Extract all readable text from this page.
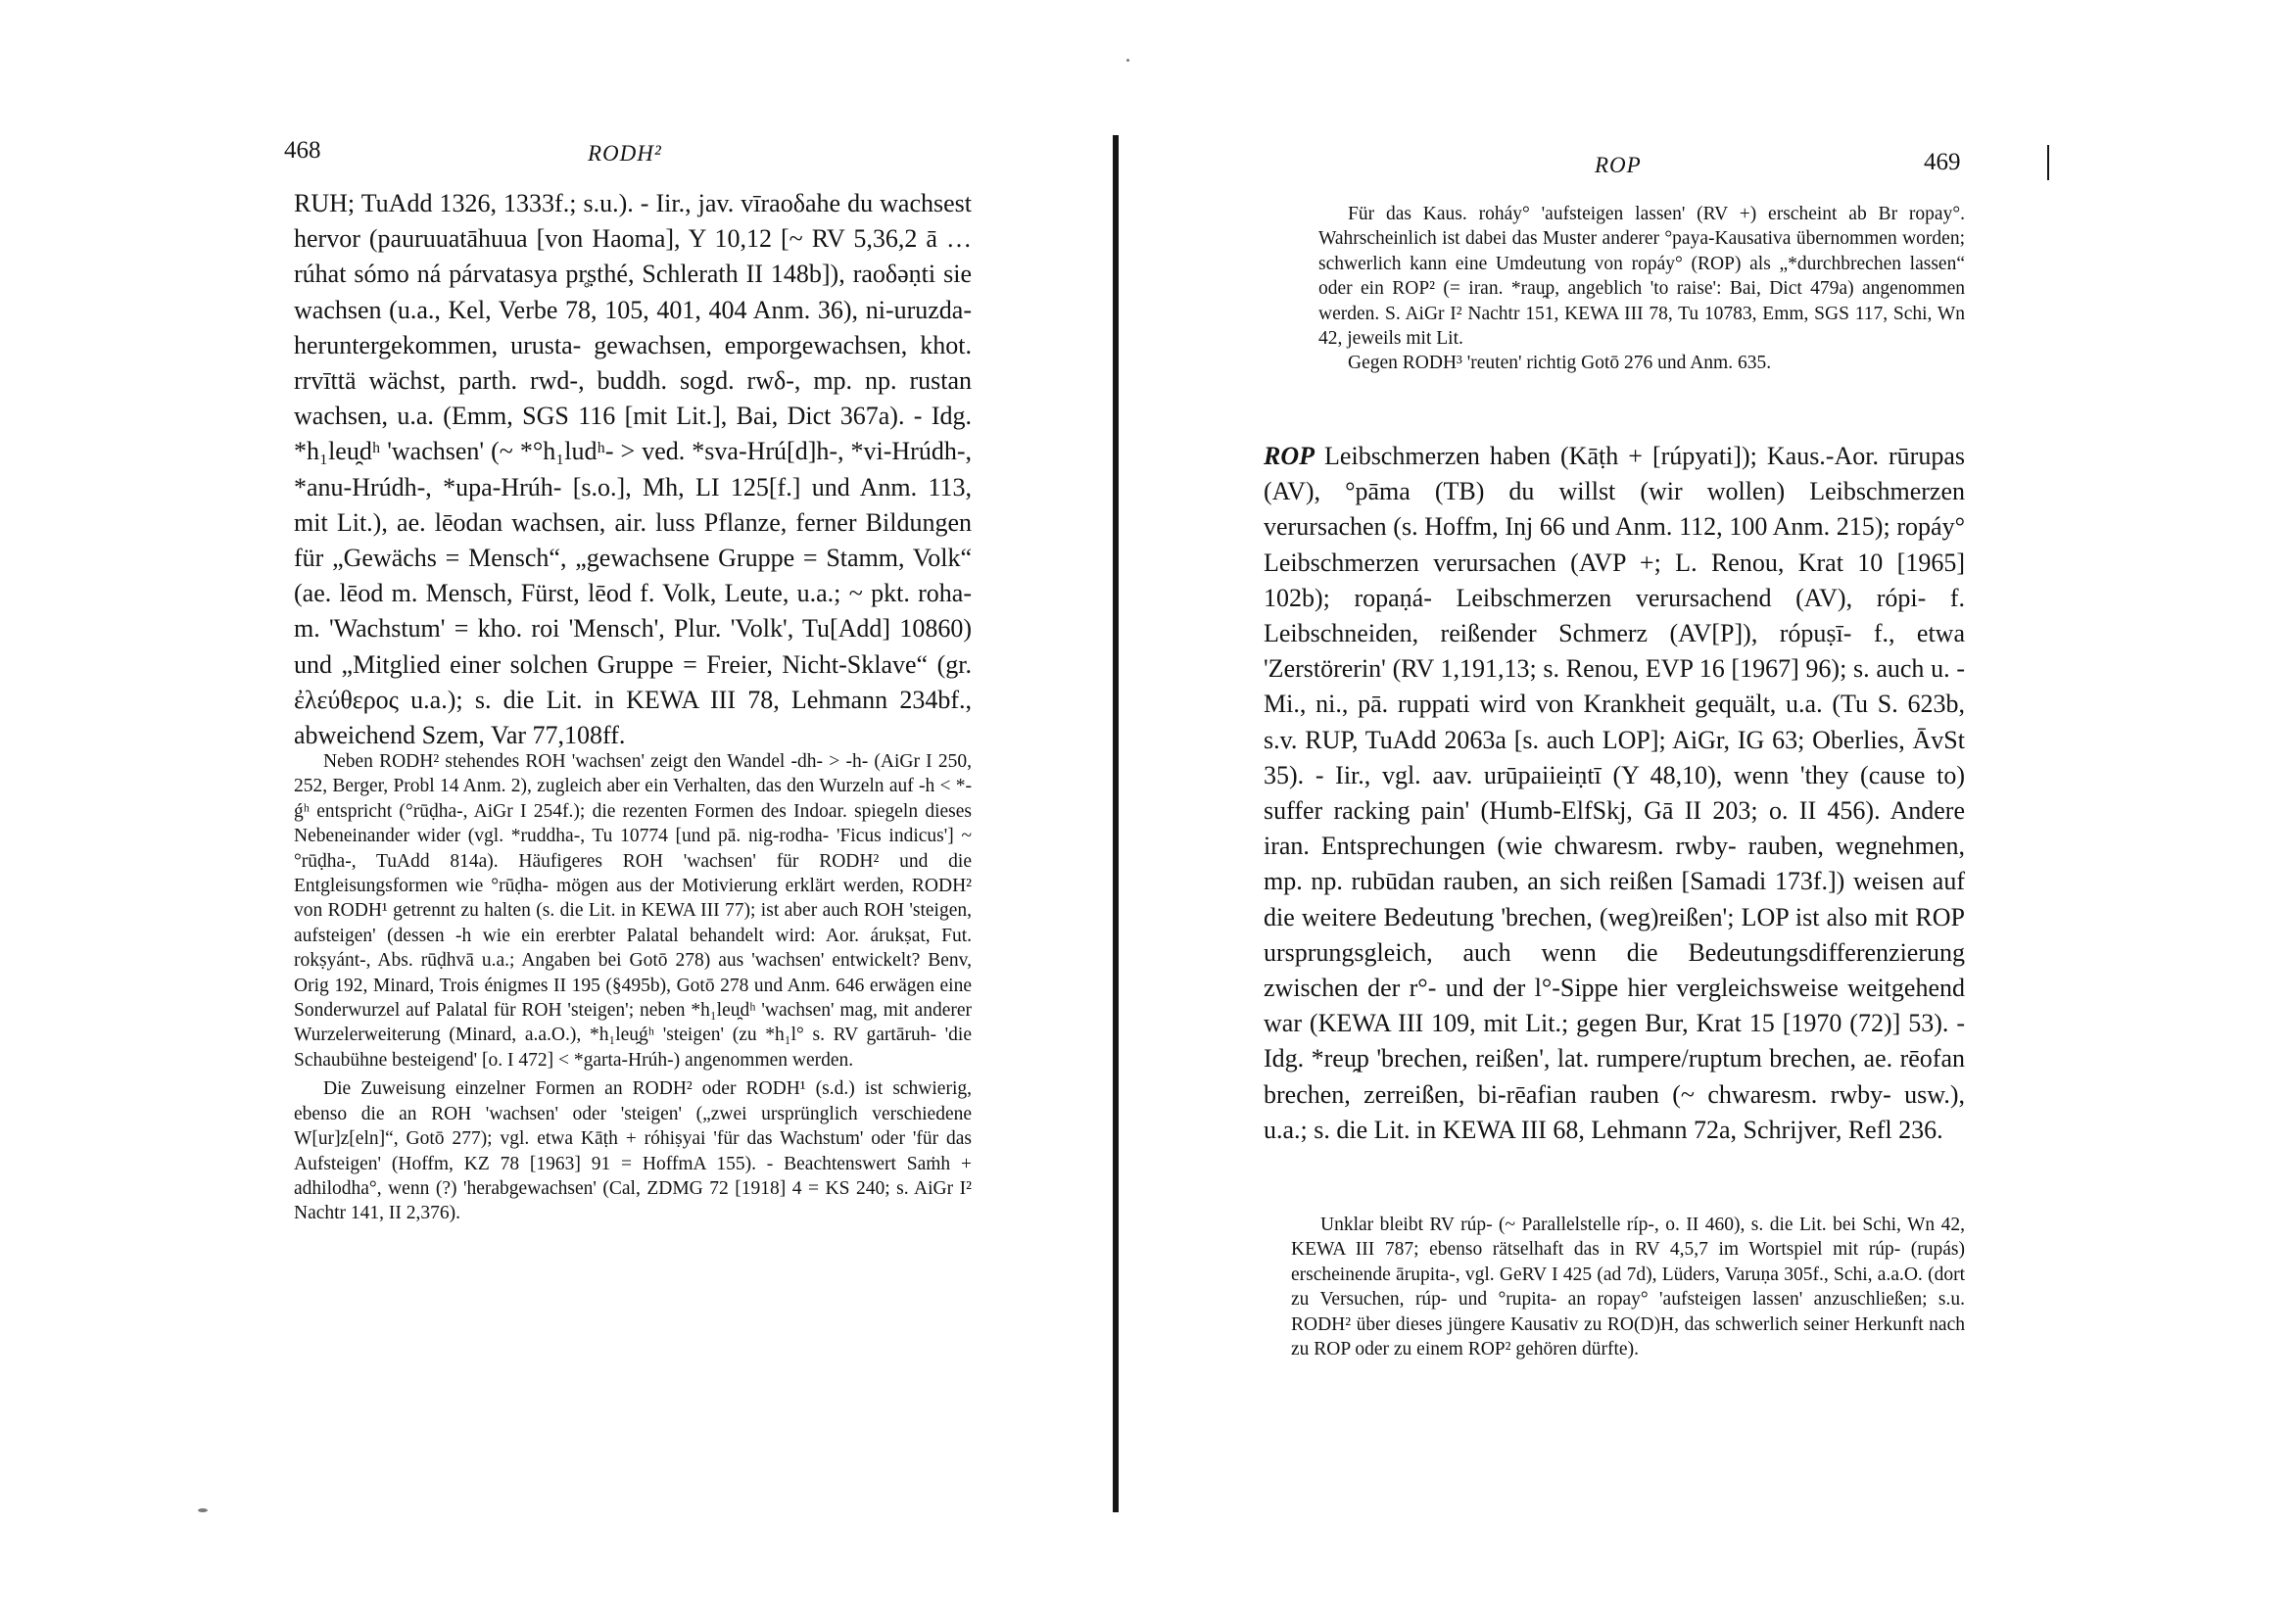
468	RODH²

RUH; TuAdd 1326, 1333f.; s.u.). - Iir., jav. vīraoδahe du wachsest hervor (pauruuatāhuua [von Haoma], Y 10,12 [~ RV 5,36,2 ā … rúhat sómo ná párvatasya pr̥ṣthé, Schlerath II 148b]), raoδəṇti sie wachsen (u.a., Kel, Verbe 78, 105, 401, 404 Anm. 36), ni-uruzda- heruntergekommen, urusta- gewachsen, emporgewachsen, khot. rrvīttä wächst, parth. rwd-, buddh. sogd. rwδ-, mp. np. rustan wachsen, u.a. (Emm, SGS 116 [mit Lit.], Bai, Dict 367a). - Idg. *h₁leu̯dʰ 'wachsen' (~ *°h₁ludʰ- > ved. *sva-Hrú[d]h-, *vi-Hrúdh-, *anu-Hrúdh-, *upa-Hrúh- [s.o.], Mh, LI 125[f.] und Anm. 113, mit Lit.), ae. lēodan wachsen, air. luss Pflanze, ferner Bildungen für „Gewächs = Mensch“, „gewachsene Gruppe = Stamm, Volk“ (ae. lēod m. Mensch, Fürst, lēod f. Volk, Leute, u.a.; ~ pkt. roha- m. 'Wachstum' = kho. roi 'Mensch', Plur. 'Volk', Tu[Add] 10860) und „Mitglied einer solchen Gruppe = Freier, Nicht-Sklave“ (gr. ἐλεύθερος u.a.); s. die Lit. in KEWA III 78, Lehmann 234bf., abweichend Szem, Var 77,108ff.

Neben RODH² stehendes ROH 'wachsen' zeigt den Wandel -dh- > -h- (AiGr I 250, 252, Berger, Probl 14 Anm. 2), zugleich aber ein Verhalten, das den Wurzeln auf -h < *-ǵʰ entspricht (°rūḍha-, AiGr I 254f.); die rezenten Formen des Indoar. spiegeln dieses Nebeneinander wider (vgl. *ruddha-, Tu 10774 [und pā. nig-rodha- 'Ficus indicus'] ~ °rūḍha-, TuAdd 814a). Häufigeres ROH 'wachsen' für RODH² und die Entgleisungsformen wie °rūḍha- mögen aus der Motivierung erklärt werden, RODH² von RODH¹ getrennt zu halten (s. die Lit. in KEWA III 77); ist aber auch ROH 'steigen, aufsteigen' (dessen -h wie ein ererbter Palatal behandelt wird: Aor. árukṣat, Fut. rokṣyánt-, Abs. rūḍhvā u.a.; Angaben bei Gotō 278) aus 'wachsen' entwickelt? Benv, Orig 192, Minard, Trois énigmes II 195 (§495b), Gotō 278 und Anm. 646 erwägen eine Sonderwurzel auf Palatal für ROH 'steigen'; neben *h₁leu̯dʰ 'wachsen' mag, mit anderer Wurzelerweiterung (Minard, a.a.O.), *h₁leu̯ǵʰ 'steigen' (zu *h₁l° s. RV gartāruh- 'die Schaubühne besteigend' [o. I 472] < *garta-Hrúh-) angenommen werden.

Die Zuweisung einzelner Formen an RODH² oder RODH¹ (s.d.) ist schwierig, ebenso die an ROH 'wachsen' oder 'steigen' („zwei ursprünglich verschiedene W[ur]z[eln]“, Gotō 277); vgl. etwa Kāṭh + róhiṣyai 'für das Wachstum' oder 'für das Aufsteigen' (Hoffm, KZ 78 [1963] 91 = HoffmA 155). - Beachtenswert Saṁh + adhilodha°, wenn (?) 'herabgewachsen' (Cal, ZDMG 72 [1918] 4 = KS 240; s. AiGr I² Nachtr 141, II 2,376).

ROP	469

Für das Kaus. roháy° 'aufsteigen lassen' (RV +) erscheint ab Br ropay°. Wahrscheinlich ist dabei das Muster anderer °paya-Kausativa übernommen worden; schwerlich kann eine Umdeutung von ropáy° (ROP) als „*durchbrechen lassen“ oder ein ROP² (= iran. *rau̯p, angeblich 'to raise': Bai, Dict 479a) angenommen werden. S. AiGr I² Nachtr 151, KEWA III 78, Tu 10783, Emm, SGS 117, Schi, Wn 42, jeweils mit Lit.

Gegen RODH³ 'reuten' richtig Gotō 276 und Anm. 635.

ROP Leibschmerzen haben (Kāṭh + [rúpyati]); Kaus.-Aor. rūrupas (AV), °pāma (TB) du willst (wir wollen) Leibschmerzen verursachen (s. Hoffm, Inj 66 und Anm. 112, 100 Anm. 215); ropáy° Leibschmerzen verursachen (AVP +; L. Renou, Krat 10 [1965] 102b); ropaṇá- Leibschmerzen verursachend (AV), rópi- f. Leibschneiden, reißender Schmerz (AV[P]), rópuṣī- f., etwa 'Zerstörerin' (RV 1,191,13; s. Renou, EVP 16 [1967] 96); s. auch u. - Mi., ni., pā. ruppati wird von Krankheit gequält, u.a. (Tu S. 623b, s.v. RUP, TuAdd 2063a [s. auch LOP]; AiGr, IG 63; Oberlies, ĀvSt 35). - Iir., vgl. aav. urūpaiieiṇtī (Y 48,10), wenn 'they (cause to) suffer racking pain' (Humb-ElfSkj, Gā II 203; o. II 456). Andere iran. Entsprechungen (wie chwaresm. rwby- rauben, wegnehmen, mp. np. rubūdan rauben, an sich reißen [Samadi 173f.]) weisen auf die weitere Bedeutung 'brechen, (weg)reißen'; LOP ist also mit ROP ursprungsgleich, auch wenn die Bedeutungsdifferenzierung zwischen der r°- und der l°-Sippe hier vergleichsweise weitgehend war (KEWA III 109, mit Lit.; gegen Bur, Krat 15 [1970 (72)] 53). - Idg. *reu̯p 'brechen, reißen', lat. rumpere/ruptum brechen, ae. rēofan brechen, zerreißen, bi-rēafian rauben (~ chwaresm. rwby- usw.), u.a.; s. die Lit. in KEWA III 68, Lehmann 72a, Schrijver, Refl 236.

Unklar bleibt RV rúp- (~ Parallelstelle ríp-, o. II 460), s. die Lit. bei Schi, Wn 42, KEWA III 787; ebenso rätselhaft das in RV 4,5,7 im Wortspiel mit rúp- (rupás) erscheinende ārupita-, vgl. GeRV I 425 (ad 7d), Lüders, Varuṇa 305f., Schi, a.a.O. (dort zu Versuchen, rúp- und °rupita- an ropay° 'aufsteigen lassen' anzuschließen; s.u. RODH² über dieses jüngere Kausativ zu RO(D)H, das schwerlich seiner Herkunft nach zu ROP oder zu einem ROP² gehören dürfte).
